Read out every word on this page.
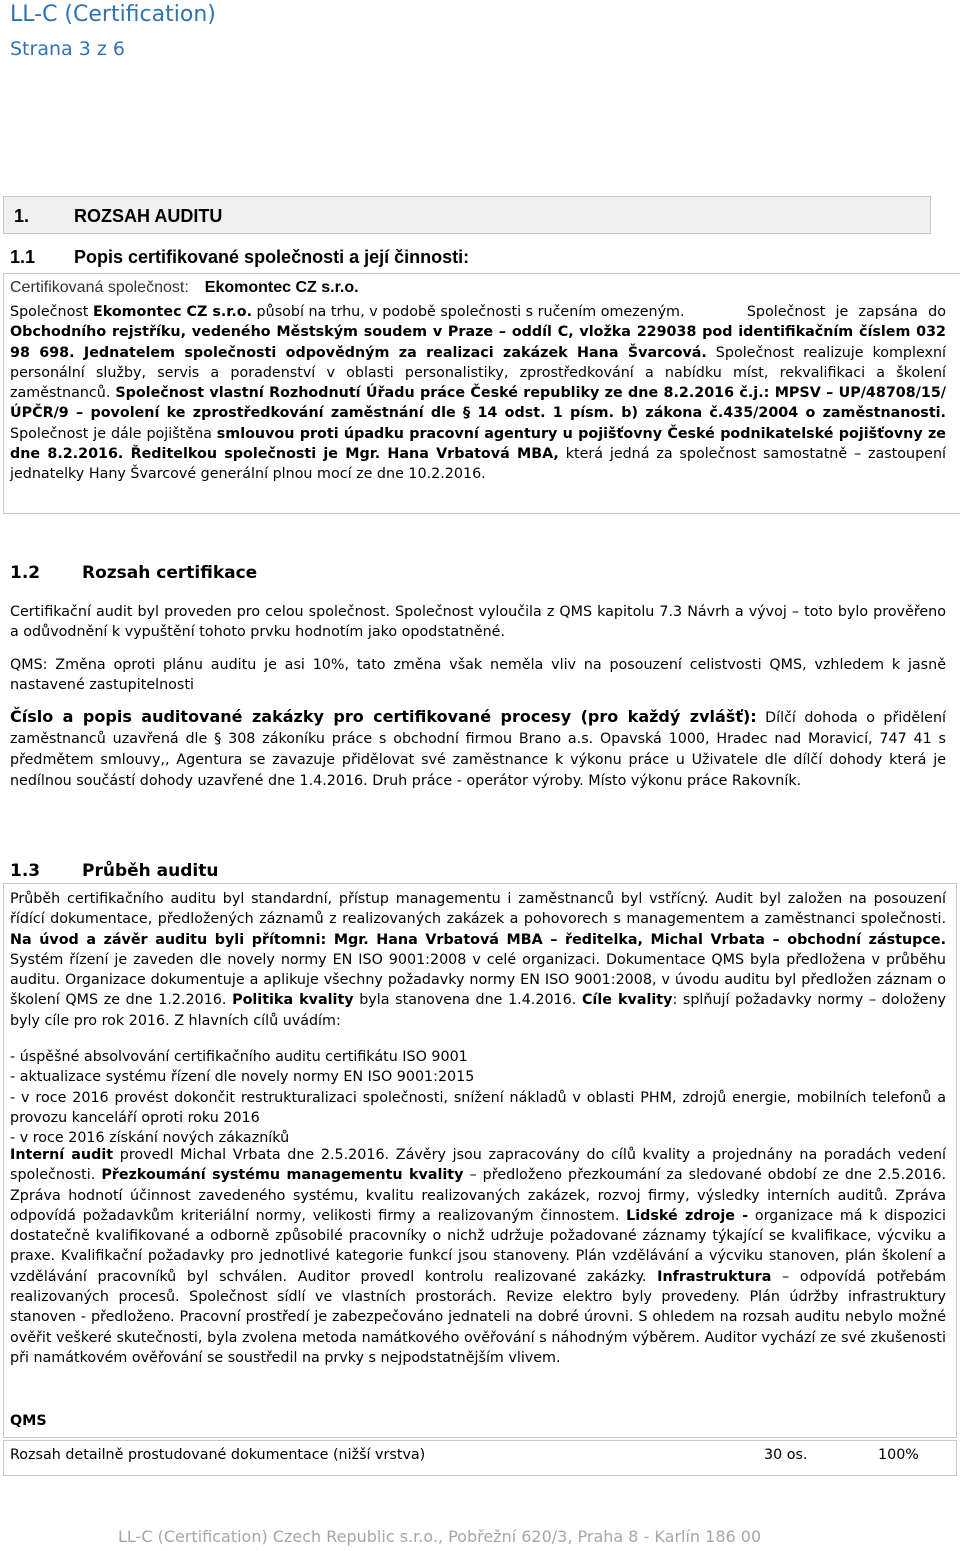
LL-C (Certification)
Strana 3 z 6
1. ROZSAH AUDITU
1.1 Popis certifikované společnosti a její činnosti:
Certifikovaná společnost: Ekomontec CZ s.r.o.
Společnost Ekomontec CZ s.r.o. působí na trhu, v podobě společnosti s ručením omezeným.	Společnost je zapsána do Obchodního rejstříku, vedeného Městským soudem v Praze – oddíl C, vložka 229038 pod identifikačním číslem 032 98 698. Jednatelem společnosti odpovědným za realizaci zakázek Hana Švarcová. Společnost realizuje komplexní personální služby, servis a poradenství v oblasti personalistiky, zprostředkování a nabídku míst, rekvalifikaci a školení zaměstnanců. Společnost vlastní Rozhodnutí Úřadu práce České republiky ze dne 8.2.2016 č.j.: MPSV – UP/48708/15/ÚPČR/9 – povolení ke zprostředkování zaměstnání dle § 14 odst. 1 písm. b) zákona č.435/2004 o zaměstnanosti. Společnost je dále pojištěna smlouvou proti úpadku pracovní agentury u pojišťovny České podnikatelské pojišťovny ze dne 8.2.2016. Ředitelkou společnosti je Mgr. Hana Vrbatová MBA, která jedná za společnost samostatně – zastoupení jednatelky Hany Švarcové generální plnou mocí ze dne 10.2.2016.

1.2 Rozsah certifikace

Certifikační audit byl proveden pro celou společnost. Společnost vyloučila z QMS kapitolu 7.3 Návrh a vývoj – toto bylo prověřeno a odůvodnění k vypuštění tohoto prvku hodnotím jako opodstatněné.

QMS: Změna oproti plánu auditu je asi 10%, tato změna však neměla vliv na posouzení celistvosti QMS, vzhledem k jasně nastavené zastupitelnosti

Číslo a popis auditované zakázky pro certifikované procesy (pro každý zvlášť): Dílčí dohoda o přidělení zaměstnanců uzavřená dle § 308 zákoníku práce s obchodní firmou Brano a.s. Opavská 1000, Hradec nad Moravicí, 747 41 s předmětem smlouvy,, Agentura se zavazuje přidělovat své zaměstnance k výkonu práce u Uživatele dle dílčí dohody která je nedílnou součástí dohody uzavřené dne 1.4.2016. Druh práce - operátor výroby. Místo výkonu práce Rakovník.

1.3 Průběh auditu

Průběh certifikačního auditu byl standardní, přístup managementu i zaměstnanců byl vstřícný. Audit byl založen na posouzení řídící dokumentace, předložených záznamů z realizovaných zakázek a pohovorech s managementem a zaměstnanci společnosti. Na úvod a závěr auditu byli přítomni: Mgr. Hana Vrbatová MBA – ředitelka, Michal Vrbata – obchodní zástupce. Systém řízení je zaveden dle novely normy EN ISO 9001:2008 v celé organizaci. Dokumentace QMS byla předložena v průběhu auditu. Organizace dokumentuje a aplikuje všechny požadavky normy EN ISO 9001:2008, v úvodu auditu byl předložen záznam o školení QMS ze dne 1.2.2016. Politika kvality byla stanovena dne 1.4.2016. Cíle kvality: splňují požadavky normy – doloženy byly cíle pro rok 2016. Z hlavních cílů uvádím:

- úspěšné absolvování certifikačního auditu certifikátu ISO 9001

- aktualizace systému řízení dle novely normy EN ISO 9001:2015

- v roce 2016 provést dokončit restrukturalizaci společnosti, snížení nákladů v oblasti PHM, zdrojů energie, mobilních telefonů a provozu kanceláří oproti roku 2016

- v roce 2016 získání nových zákazníků

Interní audit provedl Michal Vrbata dne 2.5.2016. Závěry jsou zapracovány do cílů kvality a projednány na poradách vedení společnosti. Přezkoumání systému managementu kvality – předloženo přezkoumání za sledované období ze dne 2.5.2016. Zpráva hodnotí účinnost zavedeného systému, kvalitu realizovaných zakázek, rozvoj firmy, výsledky interních auditů. Zpráva odpovídá požadavkům kriteriální normy, velikosti firmy a realizovaným činnostem. Lidské zdroje - organizace má k dispozici dostatečně kvalifikované a odborně způsobilé pracovníky o nichž udržuje požadované záznamy týkající se kvalifikace, výcviku a praxe. Kvalifikační požadavky pro jednotlivé kategorie funkcí jsou stanoveny. Plán vzdělávání a výcviku stanoven, plán školení a vzdělávání pracovníků byl schválen. Auditor provedl kontrolu realizované zakázky. Infrastruktura – odpovídá potřebám realizovaných procesů. Společnost sídlí ve vlastních prostorách. Revize elektro byly provedeny. Plán údržby infrastruktury stanoven - předloženo. Pracovní prostředí je zabezpečováno jednateli na dobré úrovni. S ohledem na rozsah auditu nebylo možné ověřit veškeré skutečnosti, byla zvolena metoda namátkového ověřování s náhodným výběrem. Auditor vychází ze své zkušenosti při namátkovém ověřování se soustředil na prvky s nejpodstatnějším vlivem.

QMS
Rozsah detailně prostudované dokumentace (nižší vrstva)	30 os.	100%
LL-C (Certification) Czech Republic s.r.o., Pobřežní 620/3, Praha 8 - Karlín 186 00
